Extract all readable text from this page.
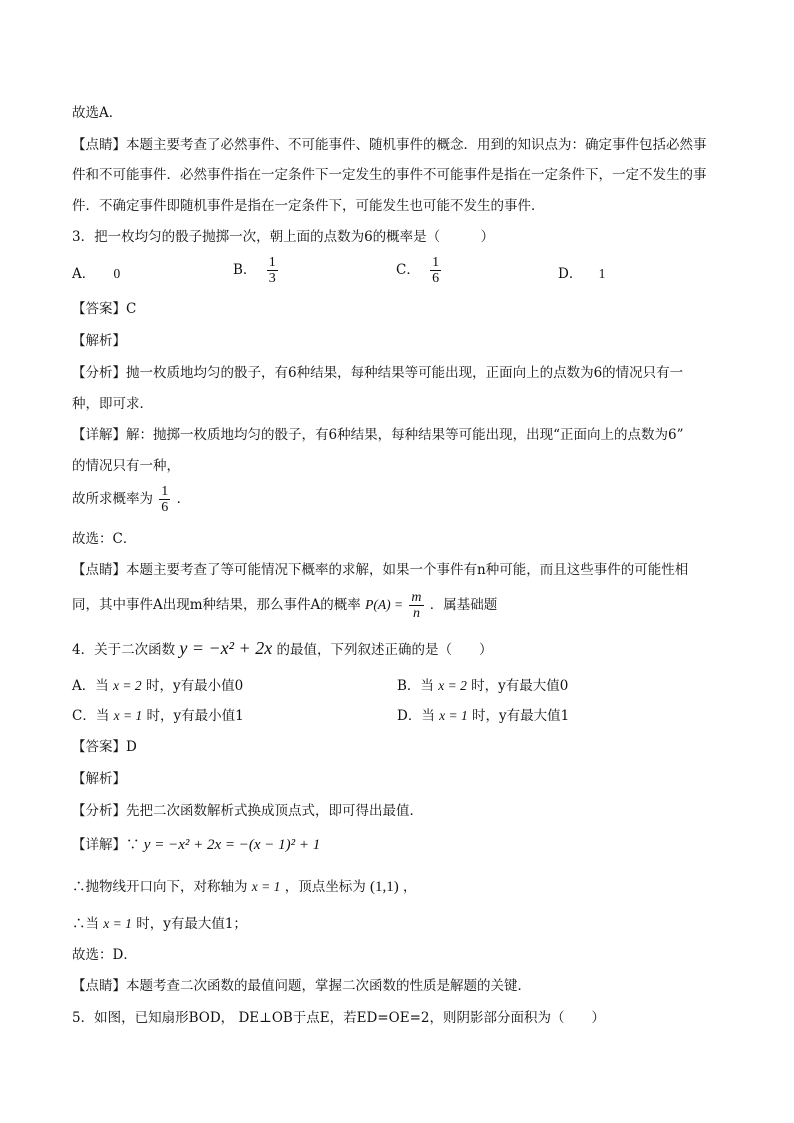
故选A．
【点睛】本题主要考查了必然事件、不可能事件、随机事件的概念．用到的知识点为：确定事件包括必然事
件和不可能事件．必然事件指在一定条件下一定发生的事件不可能事件是指在一定条件下，一定不发生的事
件．不确定事件即随机事件是指在一定条件下，可能发生也可能不发生的事件．
3．把一枚均匀的骰子抛掷一次，朝上面的点数为6的概率是（　　　）
A． 0	B． $\frac{1}{3}$	C． $\frac{1}{6}$	D． 1
【答案】C
【解析】
【分析】抛一枚质地均匀的骰子，有6种结果，每种结果等可能出现，正面向上的点数为6的情况只有一
种，即可求．
【详解】解：抛掷一枚质地均匀的骰子，有6种结果，每种结果等可能出现，出现“正面向上的点数为6”
的情况只有一种，
故所求概率为 $\frac{1}{6}$ ．
故选：C．
【点睛】本题主要考查了等可能情况下概率的求解，如果一个事件有n种可能，而且这些事件的可能性相
同，其中事件A出现m种结果，那么事件A的概率 $P(A) = \frac{m}{n}$ ．属基础题
4．关于二次函数 y = −x² + 2x 的最值，下列叙述正确的是（　　）
A．当 x = 2 时，y有最小值0	B．当 x = 2 时，y有最大值0
C．当 x = 1 时，y有最小值1	D．当 x = 1 时，y有最大值1
【答案】D
【解析】
【分析】先把二次函数解析式换成顶点式，即可得出最值．
【详解】∵ y = −x² + 2x = −(x − 1)² + 1
∴抛物线开口向下，对称轴为 x = 1 ，顶点坐标为 (1,1) ，
∴当 x = 1 时，y有最大值1；
故选：D．
【点睛】本题考查二次函数的最值问题，掌握二次函数的性质是解题的关键．
5．如图，已知扇形BOD， DE⊥OB于点E，若ED=OE=2，则阴影部分面积为（　　）
